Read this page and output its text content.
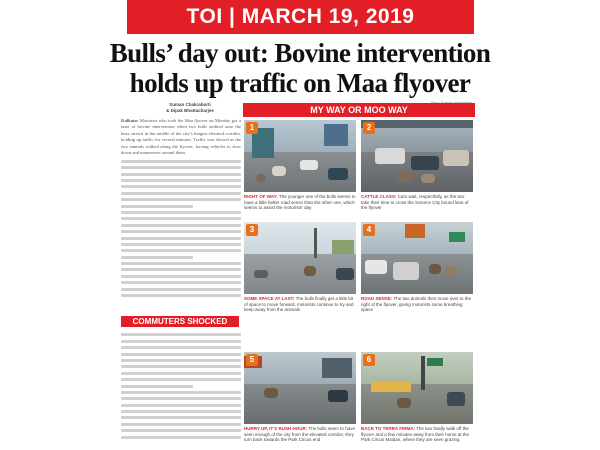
TOI | MARCH 19, 2019
Bulls’ day out: Bovine intervention
holds up traffic on Maa flyover
Suman Chakraborti
& Dipak Bhattacharjee

Kolkata: Motorists who took the Maa flyover on Monday got a taste of bovine intervention when two bulls ambled onto the busy stretch in the middle of the city’s longest elevated corridor, holding up traffic for several minutes. Traffic was slowed as the two animals walked along the flyover, forcing vehicles to slow down and manoeuvre around them.

COMMUTERS SHOCKED
MY WAY OR MOO WAY
1
RIGHT OF WAY: The younger one of the bulls seems to have a little better road sense than the other one, which seems to assist the motorists' day
2
CATTLE CLASS: Cars wait, respectfully, as the two take their time to cross the Science City bound lane of the flyover
3
SOME SPACE AT LAST: The bulls finally get a little bit of space to move forward, motorists continue to try and keep away from the animals
4
ROAD SENSE: The two animals then move over to the right of the flyover, giving motorists some breathing space
5
HURRY UP, IT'S RUSH HOUR: The bulls seem to have seen enough of the city from the elevated corridor, they turn back towards the Park Circus end
6
BACK TO TERRA FIRMA: The two finally walk off the flyover and a few minutes away from their home at the Park Circus Maidan, where they are seen grazing
